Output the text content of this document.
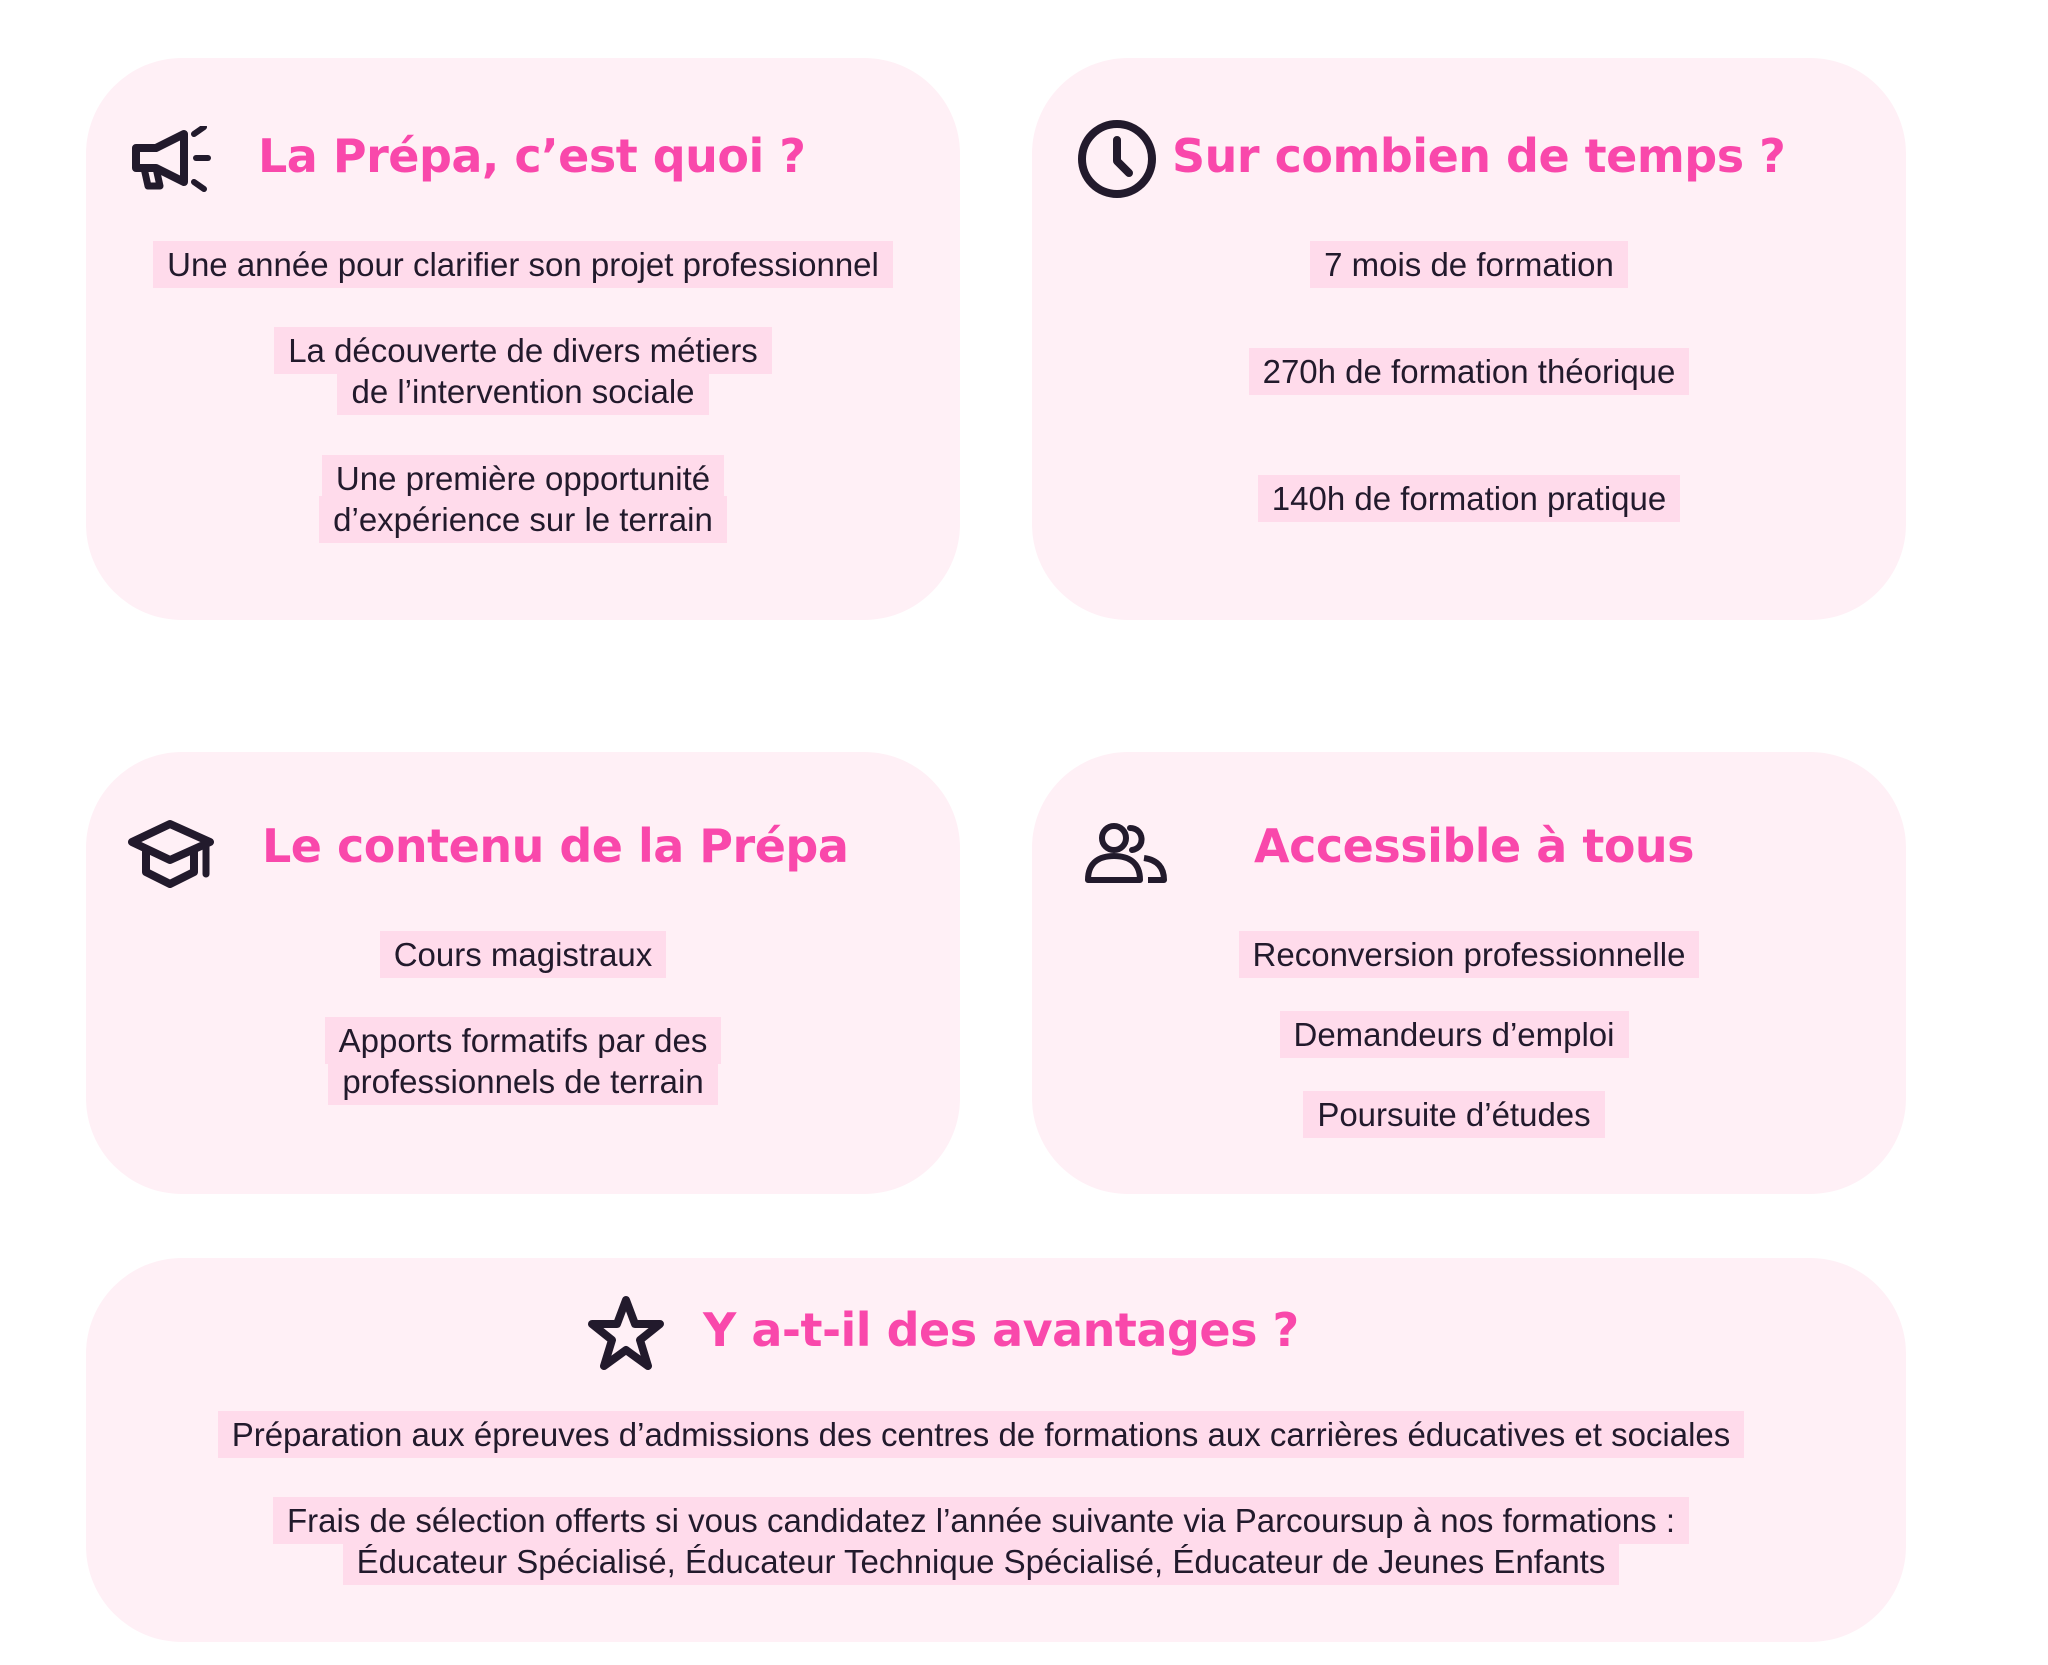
La Prépa, c’est quoi ?
Une année pour clarifier son projet professionnel
La découverte de divers métiers
de l’intervention sociale
Une première opportunité
d’expérience sur le terrain
Sur combien de temps ?
7 mois de formation
270h de formation théorique
140h de formation pratique
Le contenu de la Prépa
Cours magistraux
Apports formatifs par des
professionnels de terrain
Accessible à tous
Reconversion professionnelle
Demandeurs d’emploi
Poursuite d’études
Y a-t-il des avantages ?
Préparation aux épreuves d’admissions des centres de formations aux carrières éducatives et sociales
Frais de sélection offerts si vous candidatez l’année suivante via Parcoursup à nos formations :
Éducateur Spécialisé, Éducateur Technique Spécialisé, Éducateur de Jeunes Enfants
